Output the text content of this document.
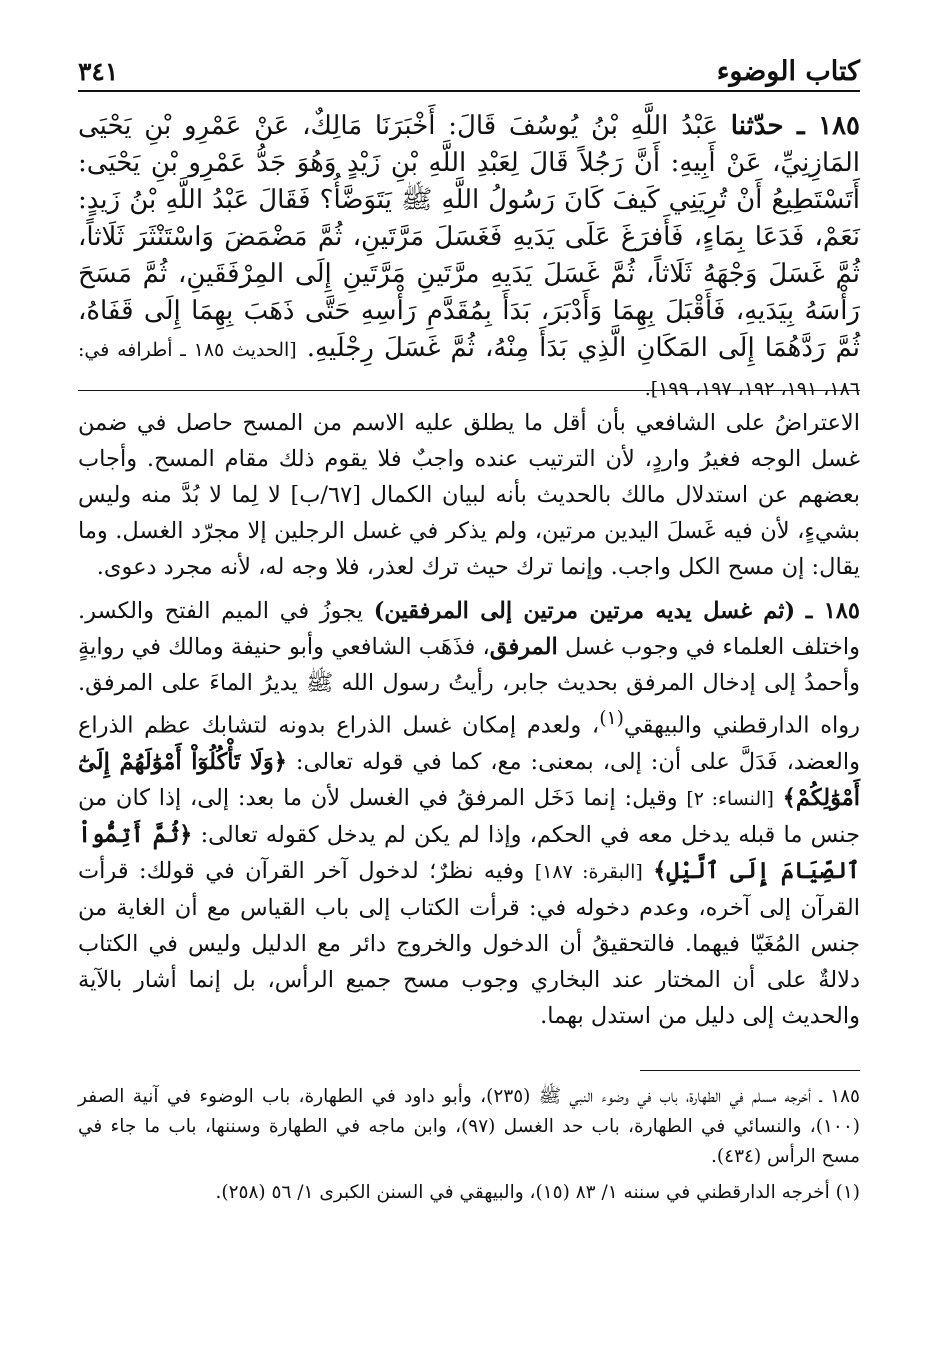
كتاب الوضوء
٣٤١
١٨٥ ـ حدّثنا عَبْدُ اللَّهِ بْنُ يُوسُفَ قَالَ: أَخْبَرَنَا مَالِكٌ، عَنْ عَمْرِو بْنِ يَحْيَى المَازِنِيِّ، عَنْ أَبِيهِ: أَنَّ رَجُلاً قَالَ لِعَبْدِ اللَّهِ بْنِ زَيْدٍ وَهُوَ جَدُّ عَمْرِو بْنِ يَحْيَى: أَتَسْتَطِيعُ أَنْ تُرِيَنِي كَيفَ كَانَ رَسُولُ اللَّهِ ﷺ يَتَوَضَّأُ؟ فَقَالَ عَبْدُ اللَّهِ بْنُ زَيدٍ: نَعَمْ، فَدَعَا بِمَاءٍ، فَأَفرَغَ عَلَى يَدَيهِ فَغَسَلَ مَرَّتَينِ، ثُمَّ مَضْمَضَ وَاسْتَنْثَرَ ثَلَاثاً، ثُمَّ غَسَلَ وَجْهَهُ ثَلَاثاً، ثُمَّ غَسَلَ يَدَيهِ مرَّتَينِ مَرَّتَينِ إِلَى المِرْفَقَينِ، ثُمَّ مَسَحَ رَأْسَهُ بِيَدَيهِ، فَأَقْبَلَ بِهِمَا وَأَدْبَرَ، بَدَأَ بِمُقَدَّمِ رَأْسِهِ حَتَّى ذَهَبَ بِهِمَا إِلَى قَفَاهُ، ثُمَّ رَدَّهُمَا إِلَى المَكَانِ الَّذِي بَدَأَ مِنْهُ، ثُمَّ غَسَلَ رِجْلَيهِ. [الحديث ١٨٥ ـ أطرافه في: ١٨٦، ١٩١، ١٩٢، ١٩٧، ١٩٩].

الاعتراضُ على الشافعي بأن أقل ما يطلق عليه الاسم من المسح حاصل في ضمن غسل الوجه فغيرُ واردٍ، لأن الترتيب عنده واجبٌ فلا يقوم ذلك مقام المسح. وأجاب بعضهم عن استدلال مالك بالحديث بأنه لبيان الكمال [٦٧/ب] لا لِما لا بُدَّ منه وليس بشيءٍ، لأن فيه غَسلَ اليدين مرتين، ولم يذكر في غسل الرجلين إلا مجرّد الغسل. وما يقال: إن مسح الكل واجب. وإنما ترك حيث ترك لعذر، فلا وجه له، لأنه مجرد دعوى.

١٨٥ ـ (ثم غسل يديه مرتين مرتين إلى المرفقين) يجوزُ في الميم الفتح والكسر. واختلف العلماء في وجوب غسل المرفق، فذَهَب الشافعي وأبو حنيفة ومالك في روايةٍ وأحمدُ إلى إدخال المرفق بحديث جابر، رأيتُ رسول الله ﷺ يديرُ الماءَ على المرفق. رواه الدارقطني والبيهقي$^{(١)}$، ولعدم إمكان غسل الذراع بدونه لتشابك عظم الذراع والعضد، فَدَلَّ على أن: إلى، بمعنى: مع، كما في قوله تعالى: ﴿وَلَا تَأْكُلُوٓاْ أَمْوَٰلَهُمْ إِلَىٰٓ أَمْوَٰلِكُمْ﴾ [النساء: ٢] وقيل: إنما دَخَل المرفقُ في الغسل لأن ما بعد: إلى، إذا كان من جنس ما قبله يدخل معه في الحكم، وإذا لم يكن لم يدخل كقوله تعالى: ﴿ثُمَّ أَتِمُّواْ ٱلصِّيَامَ إِلَى ٱلَّيْلِ﴾ [البقرة: ١٨٧] وفيه نظرٌ؛ لدخول آخر القرآن في قولك: قرأت القرآن إلى آخره، وعدم دخوله في: قرأت الكتاب إلى باب القياس مع أن الغاية من جنس المُغَيّا فيهما. فالتحقيقُ أن الدخول والخروج دائر مع الدليل وليس في الكتاب دلالةٌ على أن المختار عند البخاري وجوب مسح جميع الرأس، بل إنما أشار بالآية والحديث إلى دليل من استدل بهما.

١٨٥ ـ أخرجه مسلم في الطهارة، باب في وضوء النبي ﷺ (٢٣٥)، وأبو داود في الطهارة، باب الوضوء في آنية الصفر (١٠٠)، والنسائي في الطهارة، باب حد الغسل (٩٧)، وابن ماجه في الطهارة وسننها، باب ما جاء في مسح الرأس (٤٣٤).

(١) أخرجه الدارقطني في سننه ١/ ٨٣ (١٥)، والبيهقي في السنن الكبرى ١/ ٥٦ (٢٥٨).
